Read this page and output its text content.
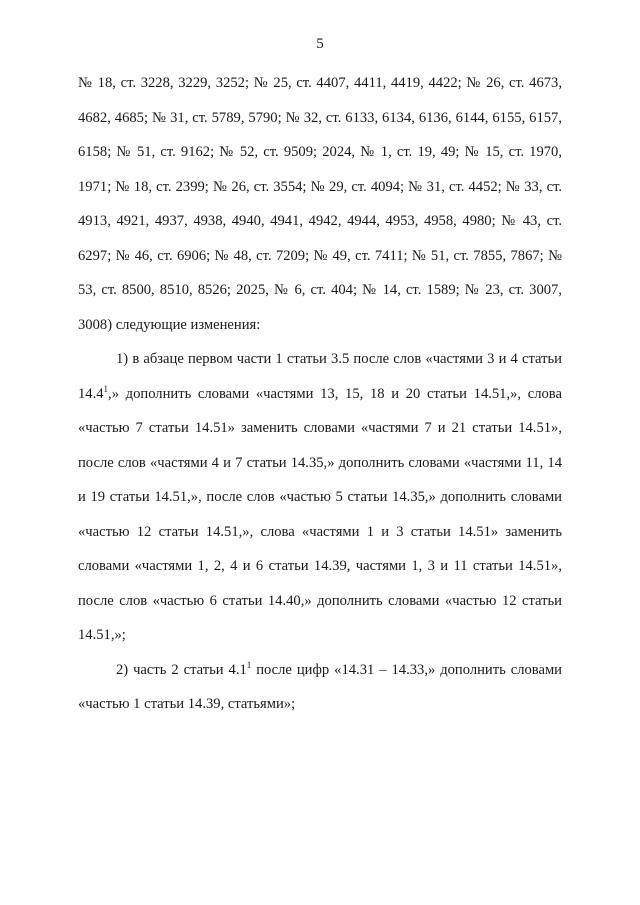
5

№ 18, ст. 3228, 3229, 3252; № 25, ст. 4407, 4411, 4419, 4422; № 26, ст. 4673, 4682, 4685; № 31, ст. 5789, 5790; № 32, ст. 6133, 6134, 6136, 6144, 6155, 6157, 6158; № 51, ст. 9162; № 52, ст. 9509; 2024, № 1, ст. 19, 49; № 15, ст. 1970, 1971; № 18, ст. 2399; № 26, ст. 3554; № 29, ст. 4094; № 31, ст. 4452; № 33, ст. 4913, 4921, 4937, 4938, 4940, 4941, 4942, 4944, 4953, 4958, 4980; № 43, ст. 6297; № 46, ст. 6906; № 48, ст. 7209; № 49, ст. 7411; № 51, ст. 7855, 7867; № 53, ст. 8500, 8510, 8526; 2025, № 6, ст. 404; № 14, ст. 1589; № 23, ст. 3007, 3008) следующие изменения:

1) в абзаце первом части 1 статьи 3.5 после слов «частями 3 и 4 статьи 14.4$^1$,» дополнить словами «частями 13, 15, 18 и 20 статьи 14.51,», слова «частью 7 статьи 14.51» заменить словами «частями 7 и 21 статьи 14.51», после слов «частями 4 и 7 статьи 14.35,» дополнить словами «частями 11, 14 и 19 статьи 14.51,», после слов «частью 5 статьи 14.35,» дополнить словами «частью 12 статьи 14.51,», слова «частями 1 и 3 статьи 14.51» заменить словами «частями 1, 2, 4 и 6 статьи 14.39, частями 1, 3 и 11 статьи 14.51», после слов «частью 6 статьи 14.40,» дополнить словами «частью 12 статьи 14.51,»;

2) часть 2 статьи $4.1^1$ после цифр «14.31 – 14.33,» дополнить словами «частью 1 статьи 14.39, статьями»;
